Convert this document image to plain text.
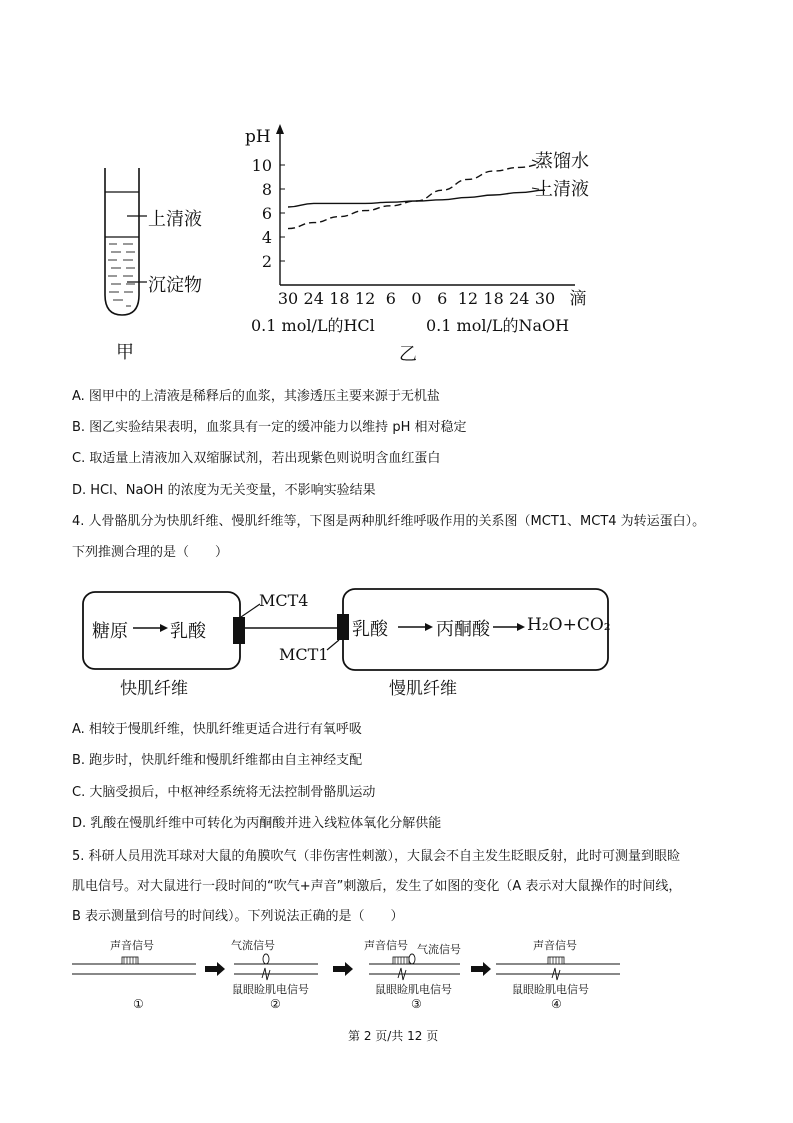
上清液
沉淀物
甲
pH
10
8
6
4
2
30 24 18 12 6 0 6 12 18 24 30 滴
蒸馏水
上清液
0.1 mol/L的HCl	0.1 mol/L的NaOH
乙
A. 图甲中的上清液是稀释后的血浆，其渗透压主要来源于无机盐
B. 图乙实验结果表明，血浆具有一定的缓冲能力以维持 pH 相对稳定
C. 取适量上清液加入双缩脲试剂，若出现紫色则说明含血红蛋白
D. HCl、NaOH 的浓度为无关变量，不影响实验结果
4. 人骨骼肌分为快肌纤维、慢肌纤维等，下图是两种肌纤维呼吸作用的关系图（MCT1、MCT4 为转运蛋白）。
下列推测合理的是（　　）
糖原 乳酸	乳酸	丙酮酸 H₂O+CO₂
MCT4
MCT1
快肌纤维	慢肌纤维
A. 相较于慢肌纤维，快肌纤维更适合进行有氧呼吸
B. 跑步时，快肌纤维和慢肌纤维都由自主神经支配
C. 大脑受损后，中枢神经系统将无法控制骨骼肌运动
D. 乳酸在慢肌纤维中可转化为丙酮酸并进入线粒体氧化分解供能
5. 科研人员用洗耳球对大鼠的角膜吹气（非伤害性刺激），大鼠会不自主发生眨眼反射，此时可测量到眼睑
肌电信号。对大鼠进行一段时间的“吹气+声音”刺激后，发生了如图的变化（A 表示对大鼠操作的时间线，
B 表示测量到信号的时间线）。下列说法正确的是（　　）
声音信号
①
气流信号
鼠眼睑肌电信号
②
声音信号 气流信号
鼠眼睑肌电信号
③
声音信号
鼠眼睑肌电信号
④
第 2 页/共 12 页
